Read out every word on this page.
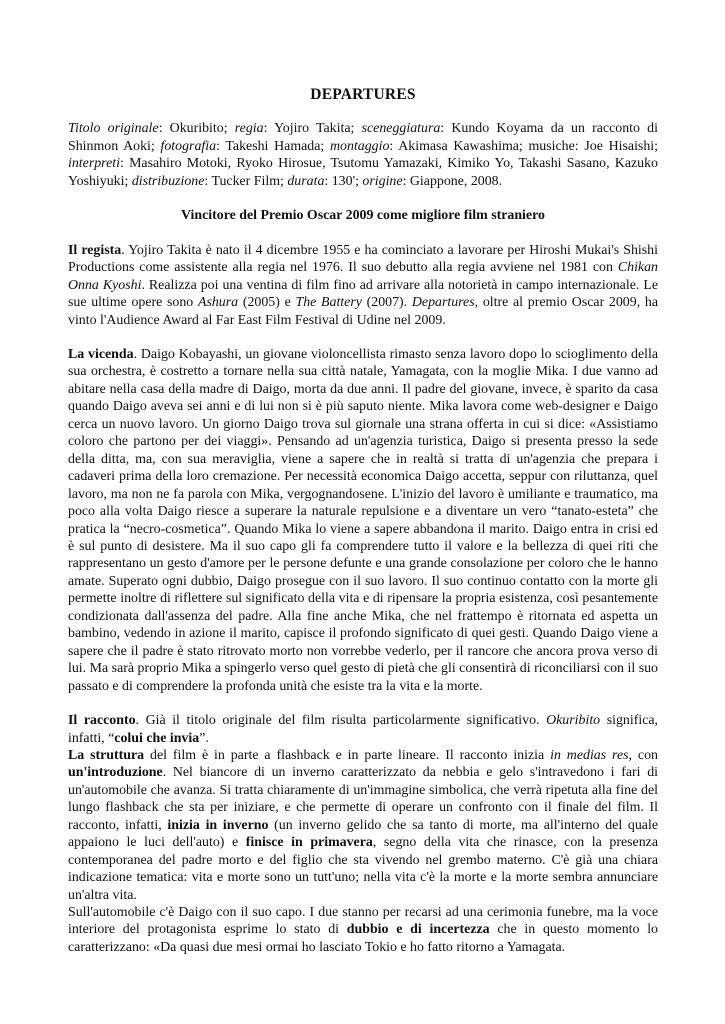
DEPARTURES

Titolo originale: Okuribito; regia: Yojiro Takita; sceneggiatura: Kundo Koyama da un racconto di Shinmon Aoki; fotografia: Takeshi Hamada; montaggio: Akimasa Kawashima; musiche: Joe Hisaishi; interpreti: Masahiro Motoki, Ryoko Hirosue, Tsutomu Yamazaki, Kimiko Yo, Takashi Sasano, Kazuko Yoshiyuki; distribuzione: Tucker Film; durata: 130'; origine: Giappone, 2008.

Vincitore del Premio Oscar 2009 come migliore film straniero

Il regista. Yojiro Takita è nato il 4 dicembre 1955 e ha cominciato a lavorare per Hiroshi Mukai's Shishi Productions come assistente alla regia nel 1976. Il suo debutto alla regia avviene nel 1981 con Chikan Onna Kyoshi. Realizza poi una ventina di film fino ad arrivare alla notorietà in campo internazionale. Le sue ultime opere sono Ashura (2005) e The Battery (2007). Departures, oltre al premio Oscar 2009, ha vinto l'Audience Award al Far East Film Festival di Udine nel 2009.

La vicenda. Daigo Kobayashi, un giovane violoncellista rimasto senza lavoro dopo lo scioglimento della sua orchestra, è costretto a tornare nella sua città natale, Yamagata, con la moglie Mika. I due vanno ad abitare nella casa della madre di Daigo, morta da due anni. Il padre del giovane, invece, è sparito da casa quando Daigo aveva sei anni e di lui non si è più saputo niente. Mika lavora come web-designer e Daigo cerca un nuovo lavoro. Un giorno Daigo trova sul giornale una strana offerta in cui si dice: «Assistiamo coloro che partono per dei viaggi». Pensando ad un'agenzia turistica, Daigo si presenta presso la sede della ditta, ma, con sua meraviglia, viene a sapere che in realtà si tratta di un'agenzia che prepara i cadaveri prima della loro cremazione. Per necessità economica Daigo accetta, seppur con riluttanza, quel lavoro, ma non ne fa parola con Mika, vergognandosene. L'inizio del lavoro è umiliante e traumatico, ma poco alla volta Daigo riesce a superare la naturale repulsione e a diventare un vero “tanato-esteta” che pratica la “necro-cosmetica”. Quando Mika lo viene a sapere abbandona il marito. Daigo entra in crisi ed è sul punto di desistere. Ma il suo capo gli fa comprendere tutto il valore e la bellezza di quei riti che rappresentano un gesto d'amore per le persone defunte e una grande consolazione per coloro che le hanno amate. Superato ogni dubbio, Daigo prosegue con il suo lavoro. Il suo continuo contatto con la morte gli permette inoltre di riflettere sul significato della vita e di ripensare la propria esistenza, così pesantemente condizionata dall'assenza del padre. Alla fine anche Mika, che nel frattempo è ritornata ed aspetta un bambino, vedendo in azione il marito, capisce il profondo significato di quei gesti. Quando Daigo viene a sapere che il padre è stato ritrovato morto non vorrebbe vederlo, per il rancore che ancora prova verso di lui. Ma sarà proprio Mika a spingerlo verso quel gesto di pietà che gli consentirà di riconciliarsi con il suo passato e di comprendere la profonda unità che esiste tra la vita e la morte.

Il racconto. Già il titolo originale del film risulta particolarmente significativo. Okuribito significa, infatti, “colui che invia”.

La struttura del film è in parte a flashback e in parte lineare. Il racconto inizia in medias res, con un'introduzione. Nel biancore di un inverno caratterizzato da nebbia e gelo s'intravedono i fari di un'automobile che avanza. Si tratta chiaramente di un'immagine simbolica, che verrà ripetuta alla fine del lungo flashback che sta per iniziare, e che permette di operare un confronto con il finale del film. Il racconto, infatti, inizia in inverno (un inverno gelido che sa tanto di morte, ma all'interno del quale appaiono le luci dell'auto) e finisce in primavera, segno della vita che rinasce, con la presenza contemporanea del padre morto e del figlio che sta vivendo nel grembo materno. C'è già una chiara indicazione tematica: vita e morte sono un tutt'uno; nella vita c'è la morte e la morte sembra annunciare un'altra vita.

Sull'automobile c'è Daigo con il suo capo. I due stanno per recarsi ad una cerimonia funebre, ma la voce interiore del protagonista esprime lo stato di dubbio e di incertezza che in questo momento lo caratterizzano: «Da quasi due mesi ormai ho lasciato Tokio e ho fatto ritorno a Yamagata.
